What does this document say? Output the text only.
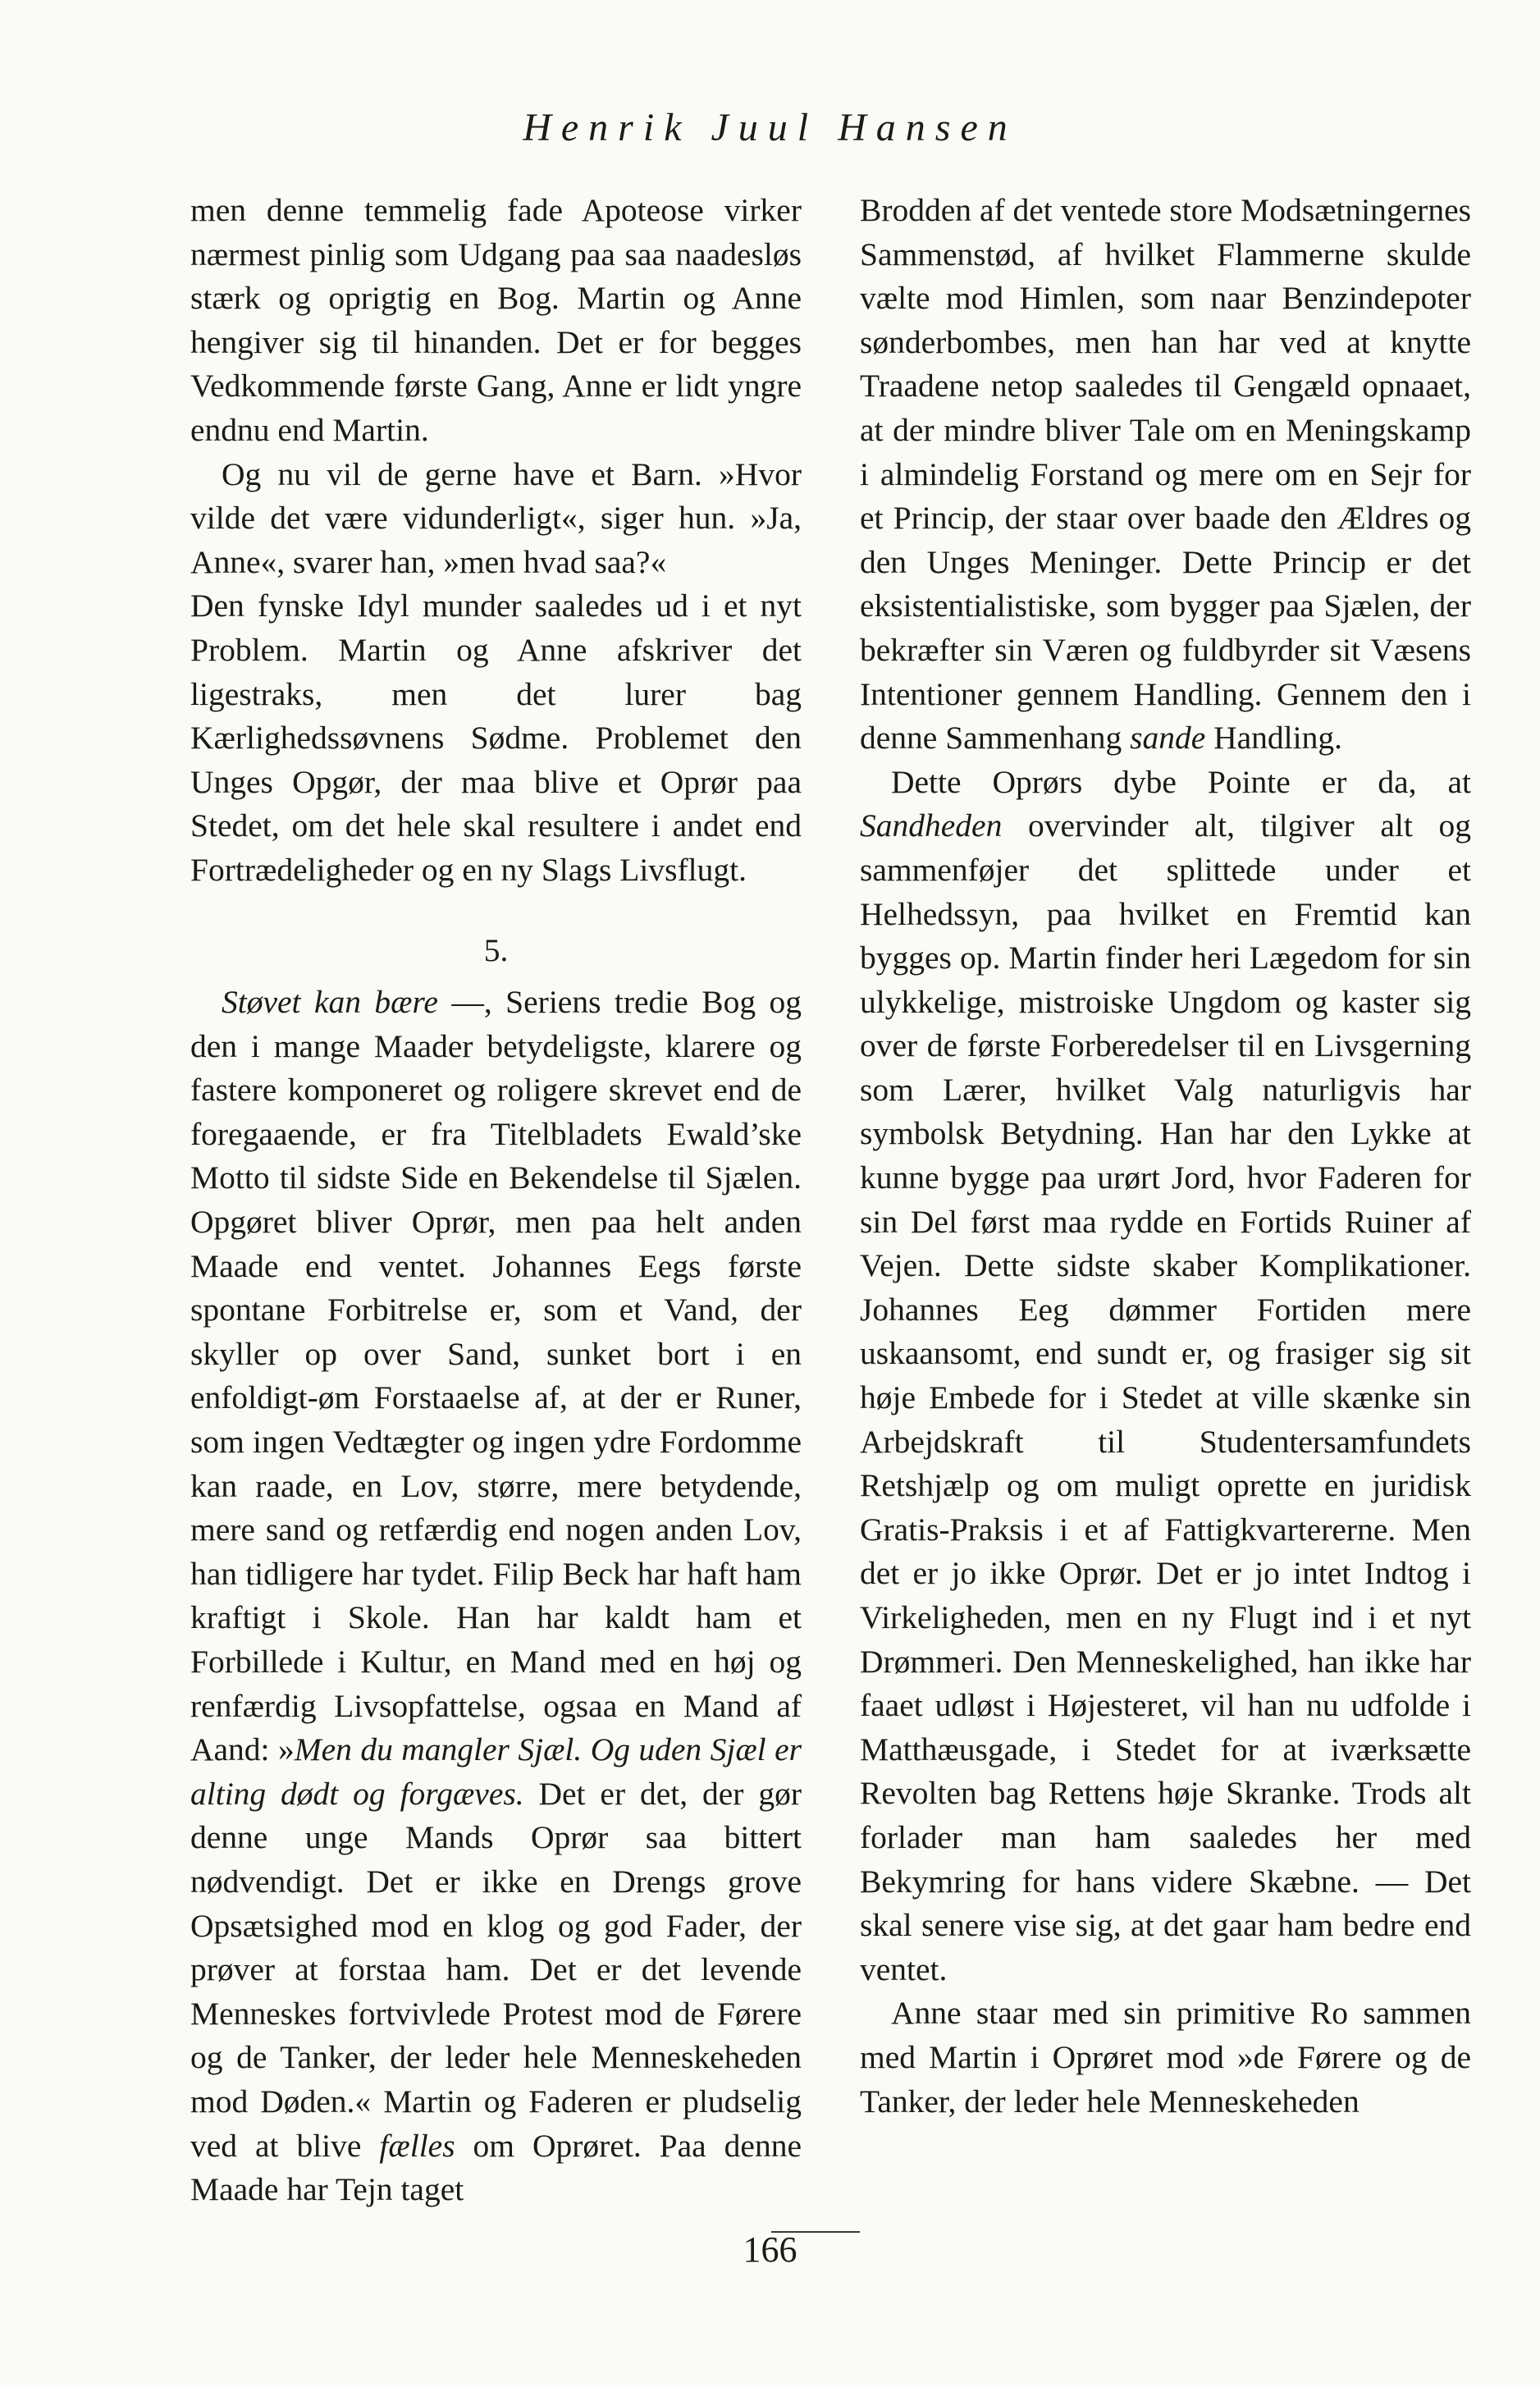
Henrik Juul Hansen

men denne temmelig fade Apoteose virker nærmest pinlig som Udgang paa saa naadesløs stærk og oprigtig en Bog. Martin og Anne hengiver sig til hinanden. Det er for begges Vedkommende første Gang, Anne er lidt yngre endnu end Martin.

Og nu vil de gerne have et Barn. »Hvor vilde det være vidunderligt«, siger hun. »Ja, Anne«, svarer han, »men hvad saa?«

Den fynske Idyl munder saaledes ud i et nyt Problem. Martin og Anne afskriver det ligestraks, men det lurer bag Kærlighedssøvnens Sødme. Problemet den Unges Opgør, der maa blive et Oprør paa Stedet, om det hele skal resultere i andet end Fortrædeligheder og en ny Slags Livsflugt.

5.

Støvet kan bære —, Seriens tredie Bog og den i mange Maader betydeligste, klarere og fastere komponeret og roligere skrevet end de foregaaende, er fra Titelbladets Ewald’ske Motto til sidste Side en Bekendelse til Sjælen. Opgøret bliver Oprør, men paa helt anden Maade end ventet. Johannes Eegs første spontane Forbitrelse er, som et Vand, der skyller op over Sand, sunket bort i en enfoldigt-øm Forstaaelse af, at der er Runer, som ingen Vedtægter og ingen ydre Fordomme kan raade, en Lov, større, mere betydende, mere sand og retfærdig end nogen anden Lov, han tidligere har tydet. Filip Beck har haft ham kraftigt i Skole. Han har kaldt ham et Forbillede i Kultur, en Mand med en høj og renfærdig Livsopfattelse, ogsaa en Mand af Aand: »Men du mangler Sjæl. Og uden Sjæl er alting dødt og forgæves. Det er det, der gør denne unge Mands Oprør saa bittert nødvendigt. Det er ikke en Drengs grove Opsætsighed mod en klog og god Fader, der prøver at forstaa ham. Det er det levende Menneskes fortvivlede Protest mod de Førere og de Tanker, der leder hele Menneskeheden mod Døden.« Martin og Faderen er pludselig ved at blive fælles om Oprøret. Paa denne Maade har Tejn taget

Brodden af det ventede store Modsætningernes Sammenstød, af hvilket Flammerne skulde vælte mod Himlen, som naar Benzindepoter sønderbombes, men han har ved at knytte Traadene netop saaledes til Gengæld opnaaet, at der mindre bliver Tale om en Meningskamp i almindelig Forstand og mere om en Sejr for et Princip, der staar over baade den Ældres og den Unges Meninger. Dette Princip er det eksistentialistiske, som bygger paa Sjælen, der bekræfter sin Væren og fuldbyrder sit Væsens Intentioner gennem Handling. Gennem den i denne Sammenhang sande Handling.

Dette Oprørs dybe Pointe er da, at Sandheden overvinder alt, tilgiver alt og sammenføjer det splittede under et Helhedssyn, paa hvilket en Fremtid kan bygges op. Martin finder heri Lægedom for sin ulykkelige, mistroiske Ungdom og kaster sig over de første Forberedelser til en Livsgerning som Lærer, hvilket Valg naturligvis har symbolsk Betydning. Han har den Lykke at kunne bygge paa urørt Jord, hvor Faderen for sin Del først maa rydde en Fortids Ruiner af Vejen. Dette sidste skaber Komplikationer. Johannes Eeg dømmer Fortiden mere uskaansomt, end sundt er, og frasiger sig sit høje Embede for i Stedet at ville skænke sin Arbejdskraft til Studentersamfundets Retshjælp og om muligt oprette en juridisk Gratis-Praksis i et af Fattigkvartererne. Men det er jo ikke Oprør. Det er jo intet Indtog i Virkeligheden, men en ny Flugt ind i et nyt Drømmeri. Den Menneskelighed, han ikke har faaet udløst i Højesteret, vil han nu udfolde i Matthæusgade, i Stedet for at iværksætte Revolten bag Rettens høje Skranke. Trods alt forlader man ham saaledes her med Bekymring for hans videre Skæbne. — Det skal senere vise sig, at det gaar ham bedre end ventet.

Anne staar med sin primitive Ro sammen med Martin i Oprøret mod »de Førere og de Tanker, der leder hele Menneskeheden

166
